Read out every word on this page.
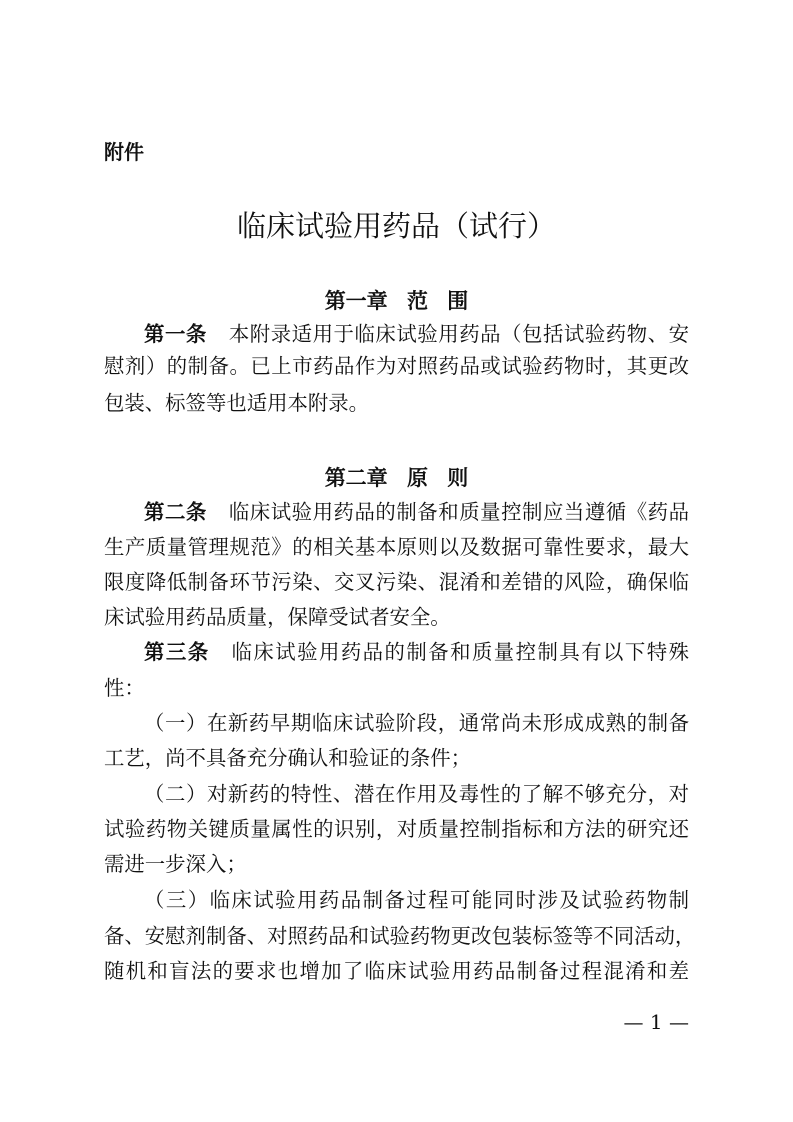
附件
临床试验用药品（试行）
第一章 范 围
第一条 本附录适用于临床试验用药品（包括试验药物、安
慰剂）的制备。已上市药品作为对照药品或试验药物时，其更改
包装、标签等也适用本附录。
第二章 原 则
第二条 临床试验用药品的制备和质量控制应当遵循《药品
生产质量管理规范》的相关基本原则以及数据可靠性要求，最大
限度降低制备环节污染、交叉污染、混淆和差错的风险，确保临
床试验用药品质量，保障受试者安全。
第三条 临床试验用药品的制备和质量控制具有以下特殊
性：
（一）在新药早期临床试验阶段，通常尚未形成成熟的制备
工艺，尚不具备充分确认和验证的条件；
（二）对新药的特性、潜在作用及毒性的了解不够充分，对
试验药物关键质量属性的识别，对质量控制指标和方法的研究还
需进一步深入；
（三）临床试验用药品制备过程可能同时涉及试验药物制
备、安慰剂制备、对照药品和试验药物更改包装标签等不同活动，
随机和盲法的要求也增加了临床试验用药品制备过程混淆和差
— 1 —
